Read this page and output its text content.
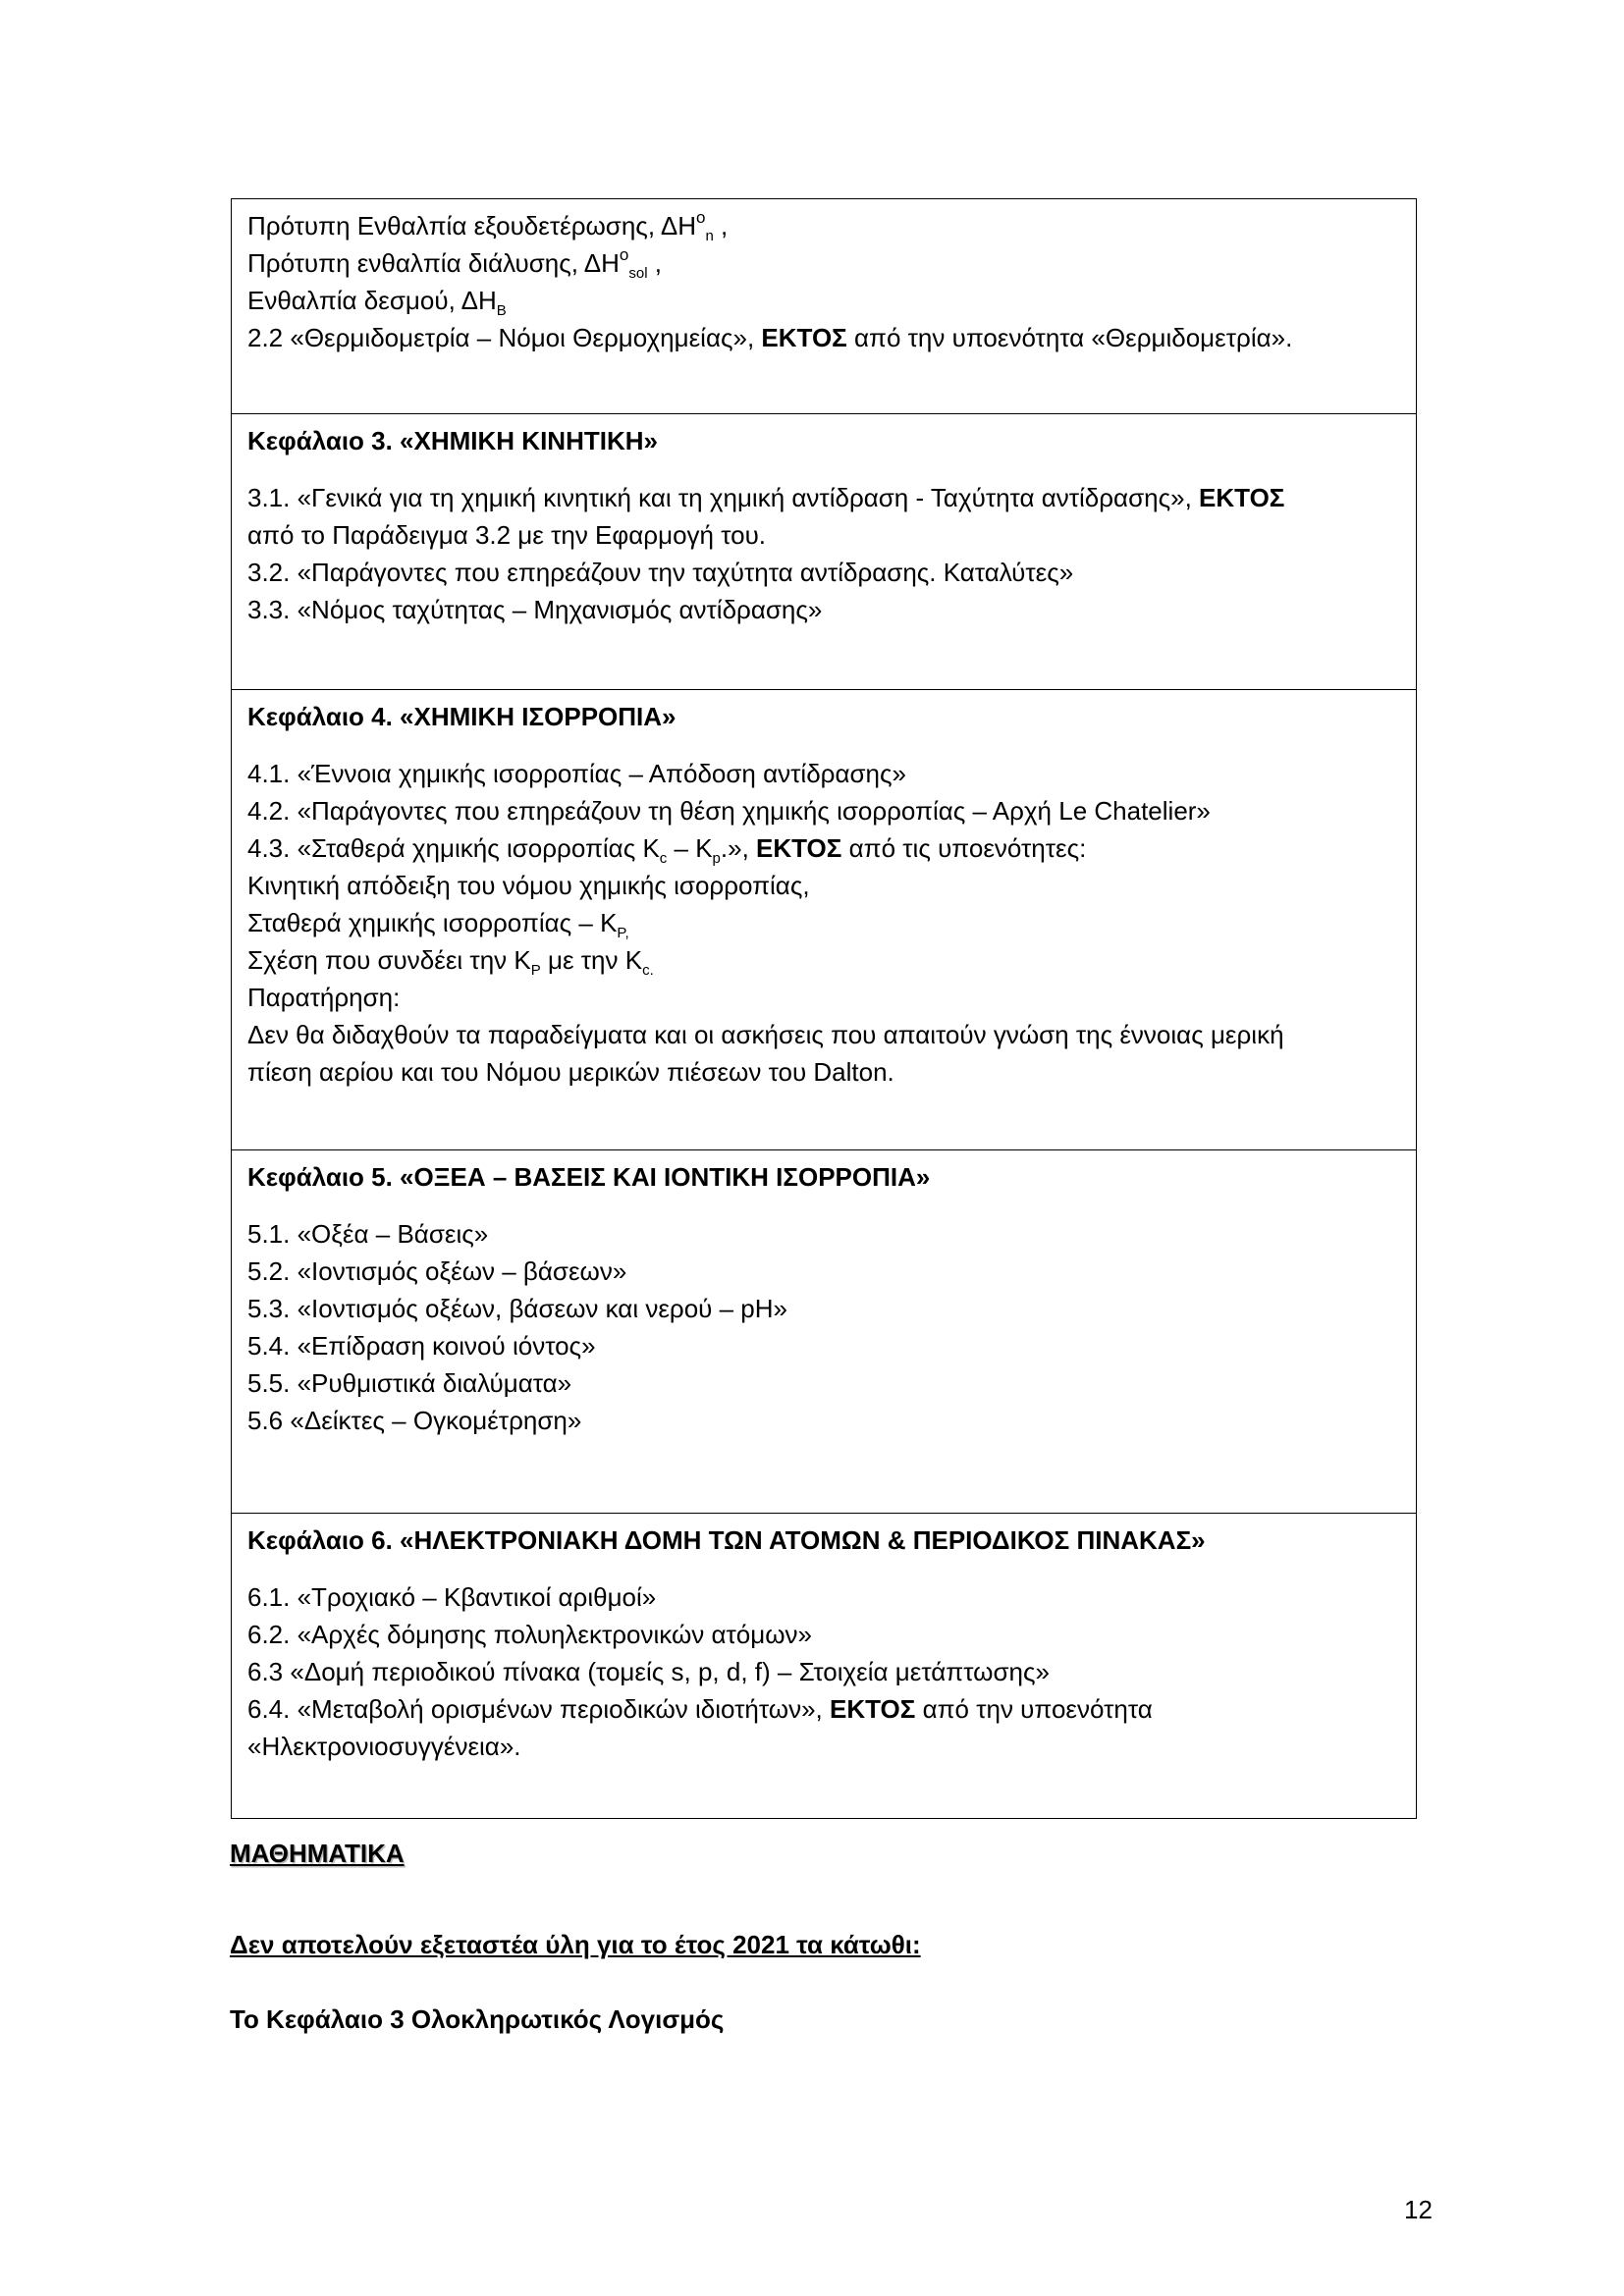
Πρότυπη Ενθαλπία εξουδετέρωσης, $\Delta H^o_n$ ,
Πρότυπη ενθαλπία διάλυσης, $\Delta H^o_{sol}$ ,
Ενθαλπία δεσμού, $\Delta H_B$
2.2 «Θερμιδομετρία – Νόμοι Θερμοχημείας», ΕΚΤΟΣ από την υποενότητα «Θερμιδομετρία».

Κεφάλαιο 3. «ΧΗΜΙΚΗ ΚΙΝΗΤΙΚΗ»
3.1. «Γενικά για τη χημική κινητική και τη χημική αντίδραση - Ταχύτητα αντίδρασης», ΕΚΤΟΣ
από το Παράδειγμα 3.2 με την Εφαρμογή του.
3.2. «Παράγοντες που επηρεάζουν την ταχύτητα αντίδρασης. Καταλύτες»
3.3. «Νόμος ταχύτητας – Μηχανισμός αντίδρασης»

Κεφάλαιο 4. «ΧΗΜΙΚΗ ΙΣΟΡΡΟΠΙΑ»
4.1. «Έννοια χημικής ισορροπίας – Απόδοση αντίδρασης»
4.2. «Παράγοντες που επηρεάζουν τη θέση χημικής ισορροπίας – Αρχή Le Chatelier»
4.3. «Σταθερά χημικής ισορροπίας $K_c - K_p$.», ΕΚΤΟΣ από τις υποενότητες:
Κινητική απόδειξη του νόμου χημικής ισορροπίας,
Σταθερά χημικής ισορροπίας – $K_{P,}$
Σχέση που συνδέει την $K_P$ με την $K_{c.}$
Παρατήρηση:
Δεν θα διδαχθούν τα παραδείγματα και οι ασκήσεις που απαιτούν γνώση της έννοιας μερική
πίεση αερίου και του Νόμου μερικών πιέσεων του Dalton.

Κεφάλαιο 5. «ΟΞΕΑ – ΒΑΣΕΙΣ ΚΑΙ ΙΟΝΤΙΚΗ ΙΣΟΡΡΟΠΙΑ»
5.1. «Οξέα – Βάσεις»
5.2. «Ιοντισμός οξέων – βάσεων»
5.3. «Ιοντισμός οξέων, βάσεων και νερού – pH»
5.4. «Επίδραση κοινού ιόντος»
5.5. «Ρυθμιστικά διαλύματα»
5.6 «Δείκτες – Ογκομέτρηση»

Κεφάλαιο 6. «ΗΛΕΚΤΡΟΝΙΑΚΗ ΔΟΜΗ ΤΩΝ ΑΤΟΜΩΝ & ΠΕΡΙΟΔΙΚΟΣ ΠΙΝΑΚΑΣ»
6.1. «Τροχιακό – Κβαντικοί αριθμοί»
6.2. «Αρχές δόμησης πολυηλεκτρονικών ατόμων»
6.3 «Δομή περιοδικού πίνακα (τομείς s, p, d, f) – Στοιχεία μετάπτωσης»
6.4. «Μεταβολή ορισμένων περιοδικών ιδιοτήτων», ΕΚΤΟΣ από την υποενότητα
«Ηλεκτρονιοσυγγένεια».
ΜΑΘΗΜΑΤΙΚΑ
Δεν αποτελούν εξεταστέα ύλη για το έτος 2021 τα κάτωθι:
Το Κεφάλαιο 3 Ολοκληρωτικός Λογισμός
12
